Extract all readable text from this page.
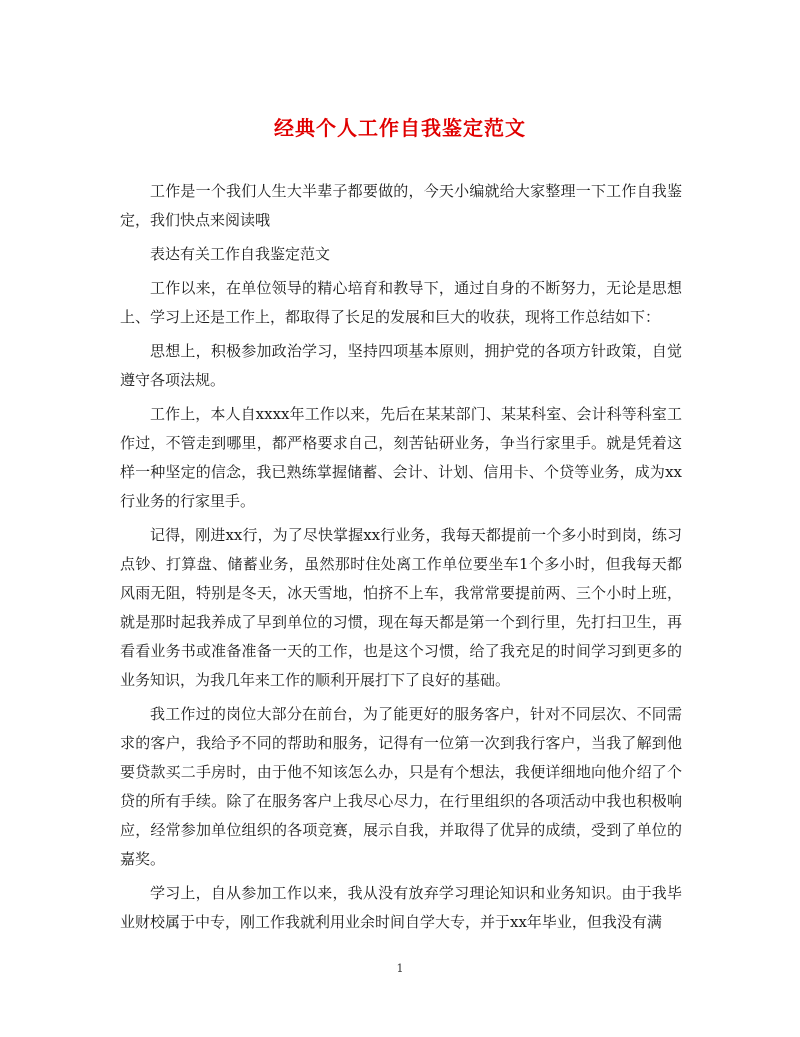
经典个人工作自我鉴定范文

工作是一个我们人生大半辈子都要做的，今天小编就给大家整理一下工作自我鉴定，我们快点来阅读哦

表达有关工作自我鉴定范文

工作以来，在单位领导的精心培育和教导下，通过自身的不断努力，无论是思想上、学习上还是工作上，都取得了长足的发展和巨大的收获，现将工作总结如下：

思想上，积极参加政治学习，坚持四项基本原则，拥护党的各项方针政策，自觉遵守各项法规。

工作上，本人自xxxx年工作以来，先后在某某部门、某某科室、会计科等科室工作过，不管走到哪里，都严格要求自己，刻苦钻研业务，争当行家里手。就是凭着这样一种坚定的信念，我已熟练掌握储蓄、会计、计划、信用卡、个贷等业务，成为xx行业务的行家里手。

记得，刚进xx行，为了尽快掌握xx行业务，我每天都提前一个多小时到岗，练习点钞、打算盘、储蓄业务，虽然那时住处离工作单位要坐车1个多小时，但我每天都风雨无阻，特别是冬天，冰天雪地，怕挤不上车，我常常要提前两、三个小时上班，就是那时起我养成了早到单位的习惯，现在每天都是第一个到行里，先打扫卫生，再看看业务书或准备准备一天的工作，也是这个习惯，给了我充足的时间学习到更多的业务知识，为我几年来工作的顺利开展打下了良好的基础。

我工作过的岗位大部分在前台，为了能更好的服务客户，针对不同层次、不同需求的客户，我给予不同的帮助和服务，记得有一位第一次到我行客户，当我了解到他要贷款买二手房时，由于他不知该怎么办，只是有个想法，我便详细地向他介绍了个贷的所有手续。除了在服务客户上我尽心尽力，在行里组织的各项活动中我也积极响应，经常参加单位组织的各项竞赛，展示自我，并取得了优异的成绩，受到了单位的嘉奖。

学习上，自从参加工作以来，我从没有放弃学习理论知识和业务知识。由于我毕业财校属于中专，刚工作我就利用业余时间自学大专，并于xx年毕业，但我没有满

1
